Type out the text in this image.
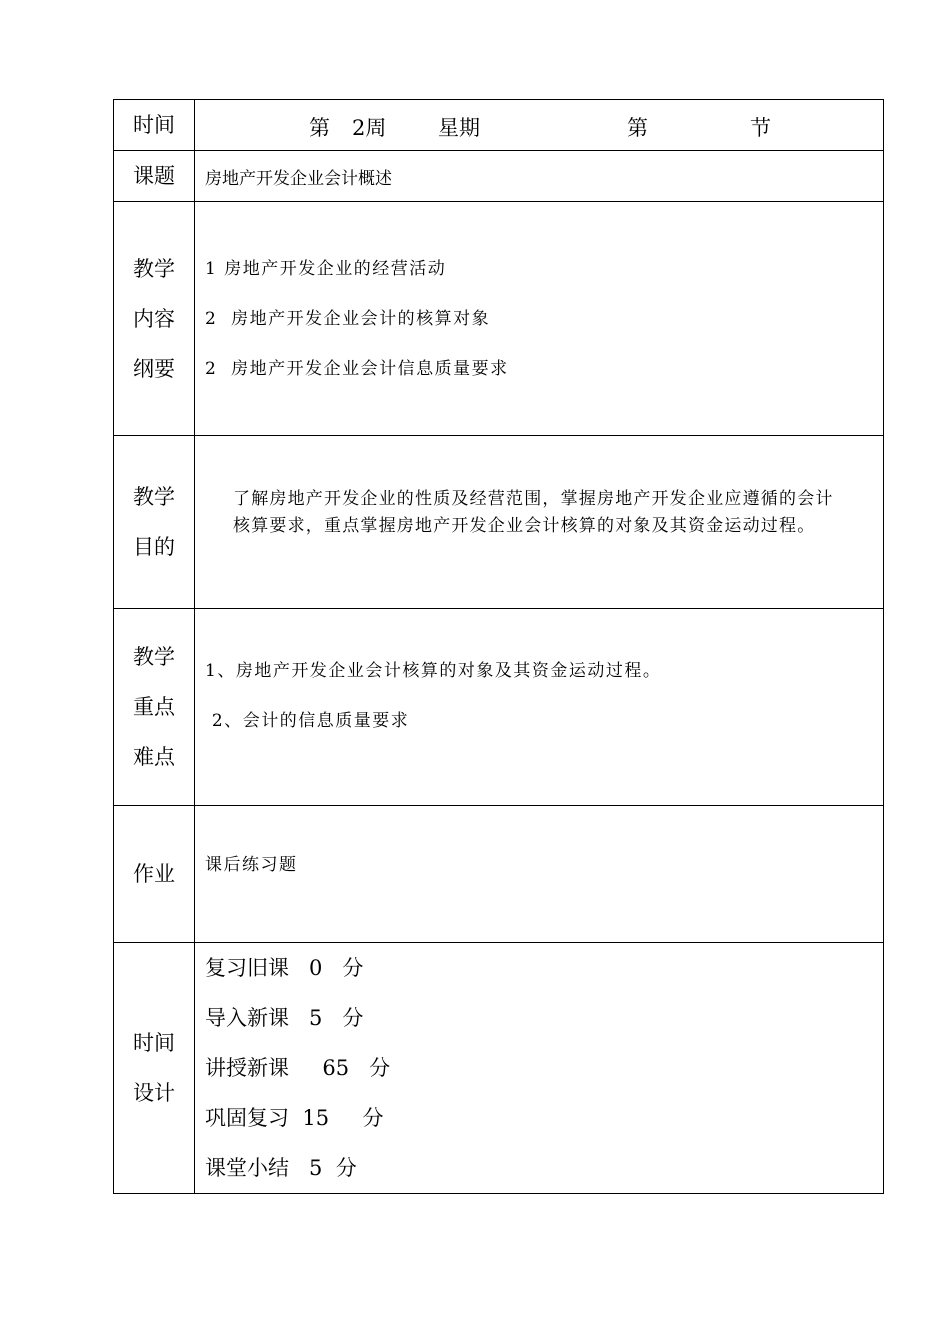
时间	第 2周 星期 第 节

课题	房地产开发企业会计概述

教学
内容
纲要	1 房地产开发企业的经营活动
2  房地产开发企业会计的核算对象
2  房地产开发企业会计信息质量要求

教学
目的	了解房地产开发企业的性质及经营范围，掌握房地产开发企业应遵循的会计
核算要求，重点掌握房地产开发企业会计核算的对象及其资金运动过程。

教学
重点
难点	1、房地产开发企业会计核算的对象及其资金运动过程。
2、会计的信息质量要求

作业	课后练习题

时间
设计	复习旧课   0   分
导入新课   5   分
讲授新课     65   分
巩固复习  15     分
课堂小结   5  分
